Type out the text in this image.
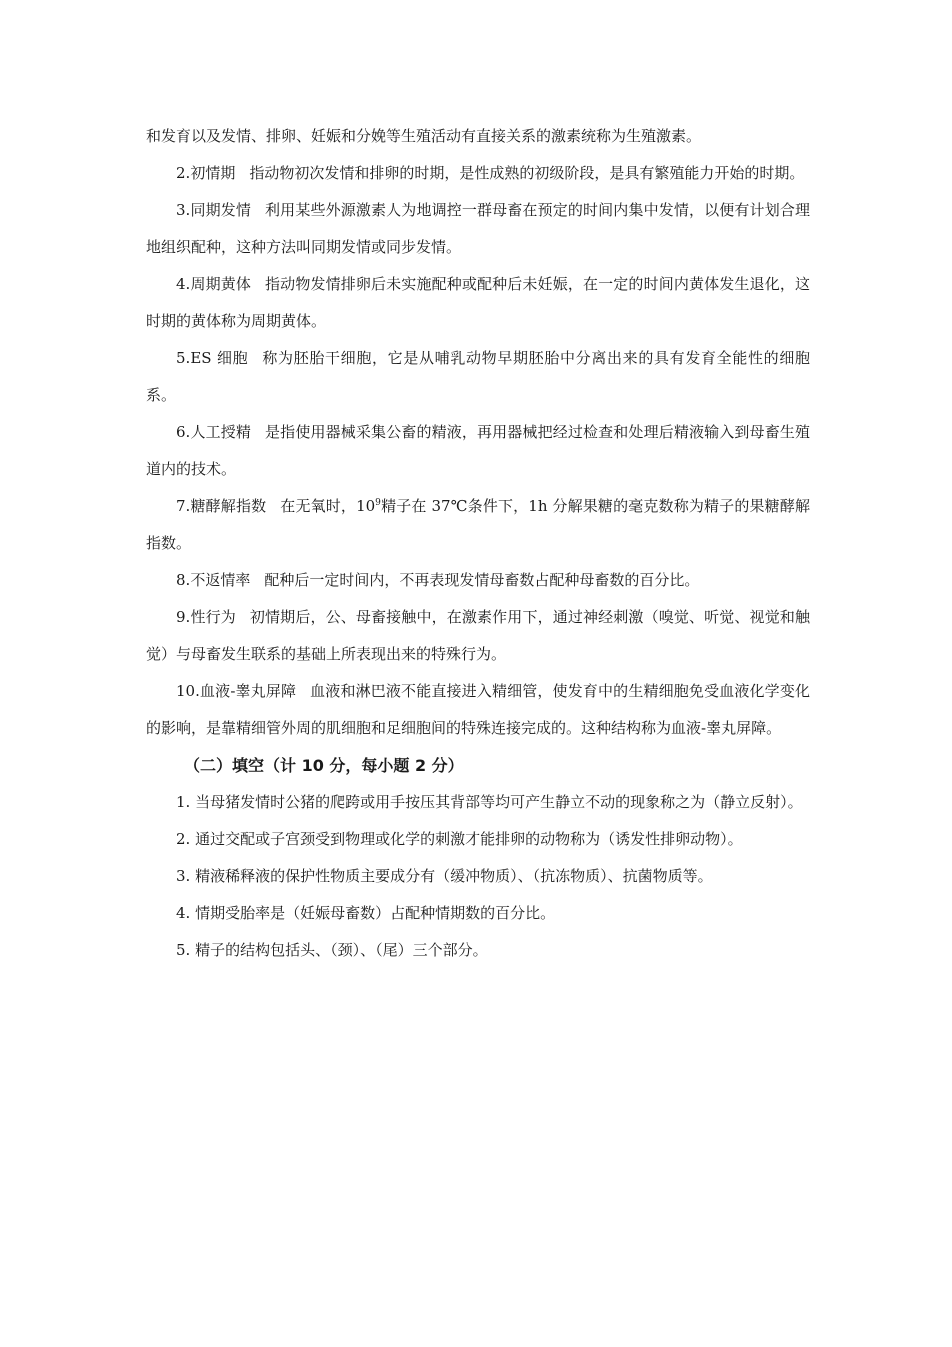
和发育以及发情、排卵、妊娠和分娩等生殖活动有直接关系的激素统称为生殖激素。

2.初情期 指动物初次发情和排卵的时期，是性成熟的初级阶段，是具有繁殖能力开始的时期。

3.同期发情 利用某些外源激素人为地调控一群母畜在预定的时间内集中发情，以便有计划合理地组织配种，这种方法叫同期发情或同步发情。

4.周期黄体 指动物发情排卵后未实施配种或配种后未妊娠，在一定的时间内黄体发生退化，这时期的黄体称为周期黄体。

5.ES 细胞 称为胚胎干细胞，它是从哺乳动物早期胚胎中分离出来的具有发育全能性的细胞系。

6.人工授精 是指使用器械采集公畜的精液，再用器械把经过检查和处理后精液输入到母畜生殖道内的技术。

7.糖酵解指数 在无氧时，$10^9$精子在 37℃条件下，1h 分解果糖的毫克数称为精子的果糖酵解指数。

8.不返情率 配种后一定时间内，不再表现发情母畜数占配种母畜数的百分比。

9.性行为 初情期后，公、母畜接触中，在激素作用下，通过神经刺激（嗅觉、听觉、视觉和触觉）与母畜发生联系的基础上所表现出来的特殊行为。

10.血液-睾丸屏障 血液和淋巴液不能直接进入精细管，使发育中的生精细胞免受血液化学变化的影响，是靠精细管外周的肌细胞和足细胞间的特殊连接完成的。这种结构称为血液-睾丸屏障。

（二）填空（计 10 分，每小题 2 分）

1. 当母猪发情时公猪的爬跨或用手按压其背部等均可产生静立不动的现象称之为（静立反射）。

2. 通过交配或子宫颈受到物理或化学的刺激才能排卵的动物称为（诱发性排卵动物）。

3. 精液稀释液的保护性物质主要成分有（缓冲物质）、（抗冻物质）、抗菌物质等。

4. 情期受胎率是（妊娠母畜数）占配种情期数的百分比。

5. 精子的结构包括头、（颈）、（尾）三个部分。
